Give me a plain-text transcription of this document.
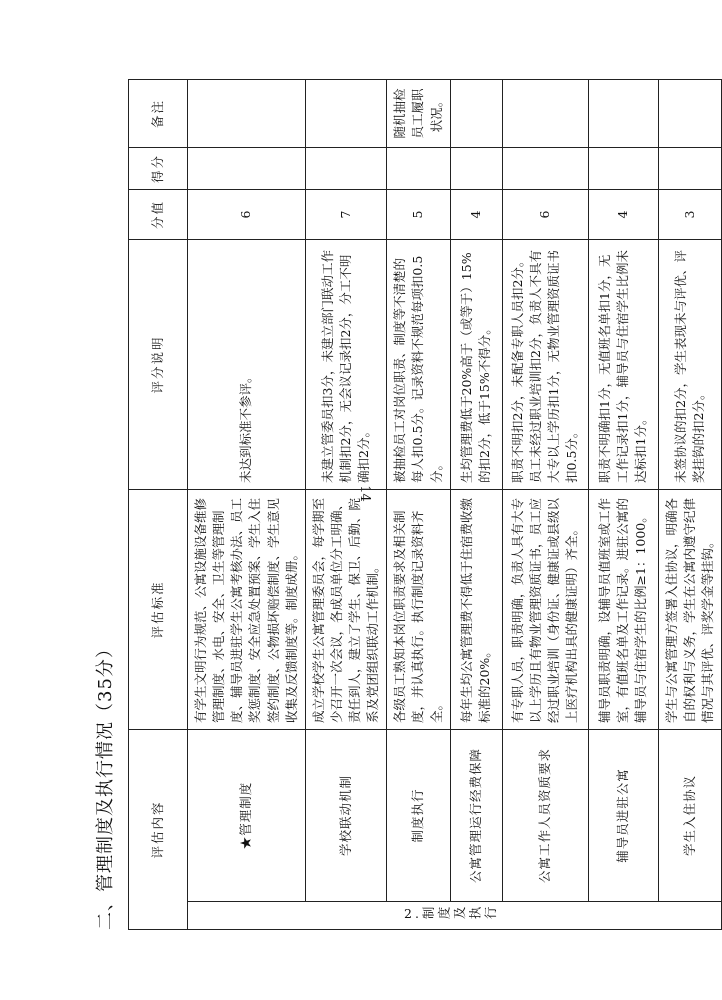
14
二、管理制度及执行情况（35分）	评估内容		评估标准	评分说明	分值	得分	备注
2.制度及执行	★管理制度	有学生文明行为规范、公寓设施设备维修管理制度、水电、安全、卫生等管理制度、辅导员进驻学生公寓考核办法、员工奖惩制度、安全应急处置预案、学生入住签约制度、公物损坏赔偿制度、学生意见收集及反馈制度等。制度成册。	未达到标准不参评。	6		
	学校联动机制	成立学校学生公寓管理委员会，每学期至少召开一次会议，各成员单位分工明确、责任到人，建立了学生、保卫、后勤、院系及党团组织联动工作机制。	未建立管委员扣3分，未建立部门联动工作机制扣2分，无会议记录扣2分，分工不明确扣2分。	7		
	制度执行	各级员工熟知本岗位职责要求及相关制度，并认真执行。执行制度记录资料齐全。	被抽检员工对岗位职责、制度等不清楚的每人扣0.5分。记录资料不规范每项扣0.5分。	5		随机抽检员工履职状况。
	公寓管理运行经费保障	每年生均公寓管理费不得低于住宿费收缴标准的20%。	生均管理费低于20%高于（或等于）15%的扣2分，低于15%不得分。	4		
	公寓工作人员资质要求	有专职人员，职责明确，负责人具有大专以上学历且有物业管理资质证书，员工应经过职业培训（身份证、健康证或县级以上医疗机构出具的健康证明）齐全。	职责不明扣2分，未配备专职人员扣2分。员工未经过职业培训扣2分，负责人不具有大专以上学历扣1分，无物业管理资质证书扣0.5分。	6		
	辅导员进驻公寓	辅导员职责明确，设辅导员值班室或工作室，有值班名单及工作记录。进驻公寓的辅导员与住宿学生的比例≥1：1000。	职责不明确扣1分，无值班名单扣1分，无工作记录扣1分，辅导员与住宿学生比例未达标扣1分。	4		
	学生入住协议	学生与公寓管理方签署入住协议，明确各自的权利与义务，学生在公寓内遵守纪律情况与其评优、评奖学金等挂钩。	未签协议的扣2分，学生表现未与评优、评奖挂钩的扣2分。	3		
